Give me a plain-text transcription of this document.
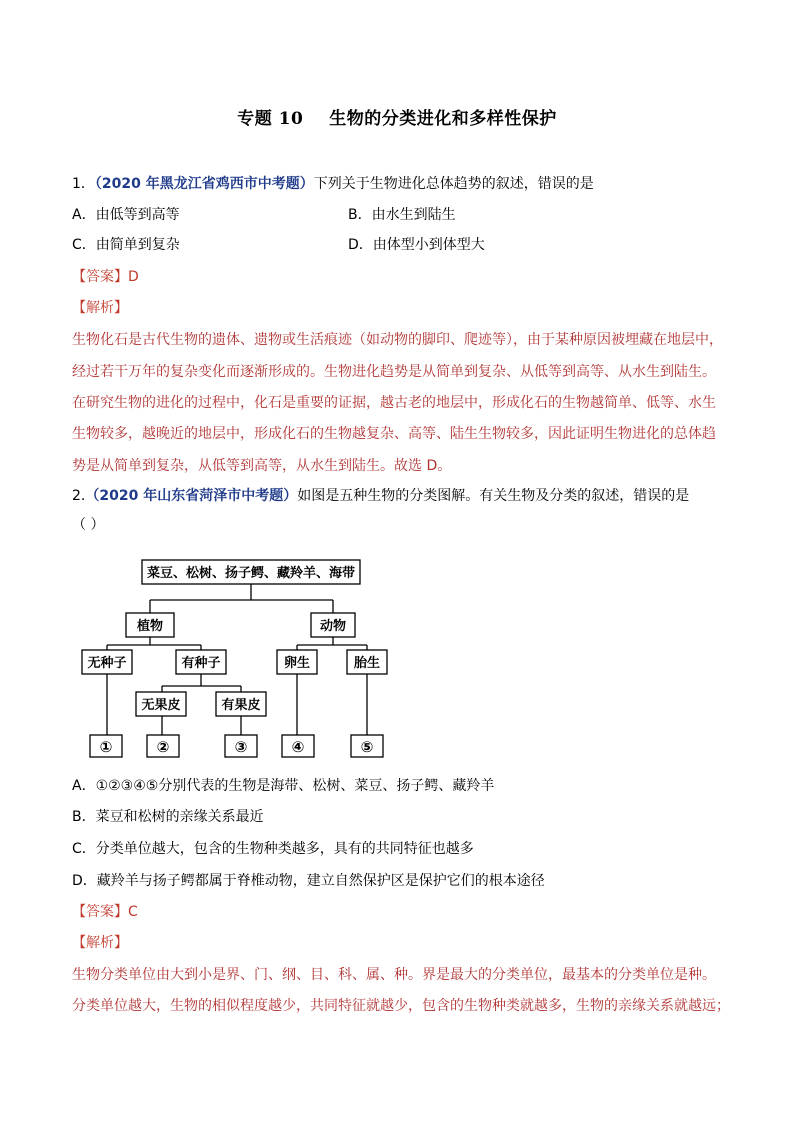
专题 10 生物的分类进化和多样性保护
1．（2020 年黑龙江省鸡西市中考题）下列关于生物进化总体趋势的叙述，错误的是
A．由低等到高等	B．由水生到陆生
C．由简单到复杂	D．由体型小到体型大
【答案】D
【解析】
生物化石是古代生物的遗体、遗物或生活痕迹（如动物的脚印、爬迹等），由于某种原因被埋藏在地层中，
经过若干万年的复杂变化而逐渐形成的。生物进化趋势是从简单到复杂、从低等到高等、从水生到陆生。
在研究生物的进化的过程中，化石是重要的证据，越古老的地层中，形成化石的生物越简单、低等、水生
生物较多，越晚近的地层中，形成化石的生物越复杂、高等、陆生生物较多，因此证明生物进化的总体趋
势是从简单到复杂，从低等到高等，从水生到陆生。故选 D。
2.（2020 年山东省菏泽市中考题）如图是五种生物的分类图解。有关生物及分类的叙述，错误的是
（ ）
菜豆、松树、扬子鳄、藏羚羊、海带
植物	动物
无种子	有种子	卵生	胎生
无果皮	有果皮
①	②	③	④	⑤
A．①②③④⑤分别代表的生物是海带、松树、菜豆、扬子鳄、藏羚羊
B．菜豆和松树的亲缘关系最近
C．分类单位越大，包含的生物种类越多，具有的共同特征也越多
D．藏羚羊与扬子鳄都属于脊椎动物，建立自然保护区是保护它们的根本途径
【答案】C
【解析】
生物分类单位由大到小是界、门、纲、目、科、属、种。界是最大的分类单位，最基本的分类单位是种。
分类单位越大，生物的相似程度越少，共同特征就越少，包含的生物种类就越多，生物的亲缘关系就越远；
